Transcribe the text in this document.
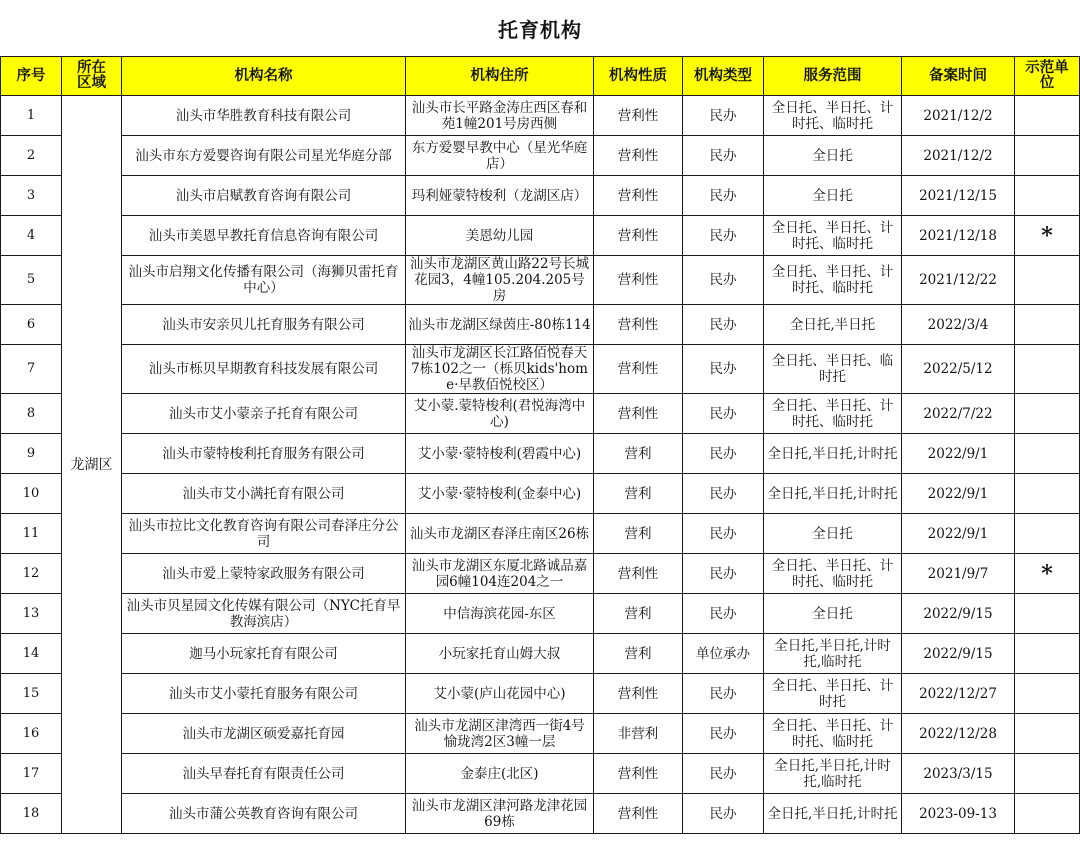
托育机构
序号	所在区域	机构名称	机构住所	机构性质	机构类型	服务范围	备案时间	示范单位
1	龙湖区	汕头市华胜教育科技有限公司	汕头市长平路金涛庄西区春和苑1幢201号房西侧	营利性	民办	全日托、半日托、计时托、临时托	2021/12/2	
2		汕头市东方爱婴咨询有限公司星光华庭分部	东方爱婴早教中心（星光华庭店）	营利性	民办	全日托	2021/12/2	
3		汕头市启赋教育咨询有限公司	玛利娅蒙特梭利（龙湖区店）	营利性	民办	全日托	2021/12/15	
4		汕头市美恩早教托育信息咨询有限公司	美恩幼儿园	营利性	民办	全日托、半日托、计时托、临时托	2021/12/18	*
5		汕头市启翔文化传播有限公司（海狮贝雷托育中心）	汕头市龙湖区黄山路22号长城花园3，4幢105.204.205号房	营利性	民办	全日托、半日托、计时托、临时托	2021/12/22	
6		汕头市安亲贝儿托育服务有限公司	汕头市龙湖区绿茵庄-80栋114	营利性	民办	全日托,半日托	2022/3/4	
7		汕头市栎贝早期教育科技发展有限公司	汕头市龙湖区长江路佰悦春天7栋102之一（栎贝kids'home·早教佰悦校区）	营利性	民办	全日托、半日托、临时托	2022/5/12	
8		汕头市艾小蒙亲子托育有限公司	艾小蒙.蒙特梭利(君悦海湾中心)	营利性	民办	全日托、半日托、计时托、临时托	2022/7/22	
9		汕头市蒙特梭利托育服务有限公司	艾小蒙·蒙特梭利(碧霞中心)	营利	民办	全日托,半日托,计时托	2022/9/1	
10		汕头市艾小满托育有限公司	艾小蒙·蒙特梭利(金泰中心)	营利	民办	全日托,半日托,计时托	2022/9/1	
11		汕头市拉比文化教育咨询有限公司春泽庄分公司	汕头市龙湖区春泽庄南区26栋	营利	民办	全日托	2022/9/1	
12		汕头市爱上蒙特家政服务有限公司	汕头市龙湖区东厦北路诚品嘉园6幢104连204之一	营利性	民办	全日托、半日托、计时托、临时托	2021/9/7	*
13		汕头市贝星园文化传媒有限公司（NYC托育早教海滨店）	中信海滨花园-东区	营利	民办	全日托	2022/9/15	
14		迦马小玩家托育有限公司	小玩家托育山姆大叔	营利	单位承办	全日托,半日托,计时托,临时托	2022/9/15	
15		汕头市艾小蒙托育服务有限公司	艾小蒙(庐山花园中心)	营利性	民办	全日托、半日托、计时托	2022/12/27	
16		汕头市龙湖区硕爱嘉托育园	汕头市龙湖区津湾西一街4号愉珑湾2区3幢一层	非营利	民办	全日托、半日托、计时托、临时托	2022/12/28	
17		汕头早春托育有限责任公司	金泰庄(北区)	营利性	民办	全日托,半日托,计时托,临时托	2023/3/15	
18		汕头市蒲公英教育咨询有限公司	汕头市龙湖区津河路龙津花园69栋	营利性	民办	全日托,半日托,计时托	2023-09-13	
